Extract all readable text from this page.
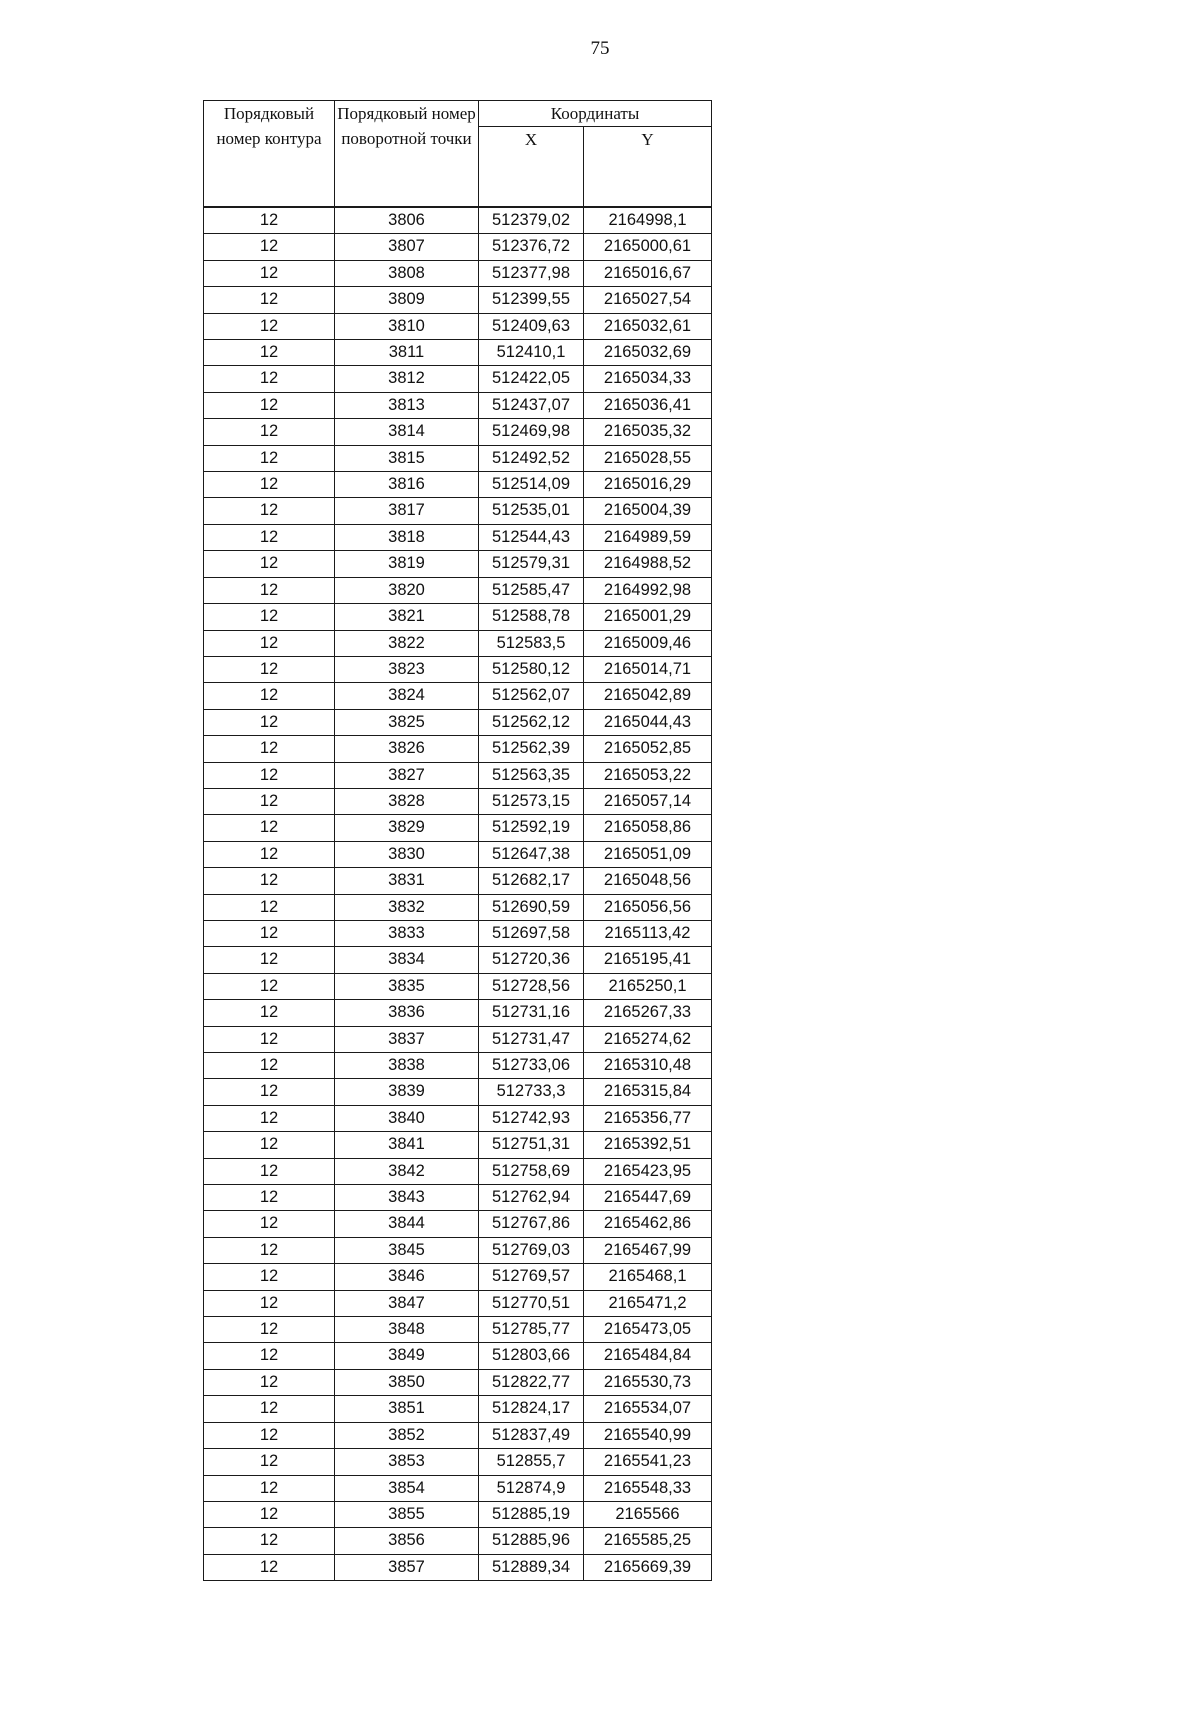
75
Порядковый номер контура	Порядковый номер поворотной точки	Координаты	
		X	Y
12	3806	512379,02	2164998,1
12	3807	512376,72	2165000,61
12	3808	512377,98	2165016,67
12	3809	512399,55	2165027,54
12	3810	512409,63	2165032,61
12	3811	512410,1	2165032,69
12	3812	512422,05	2165034,33
12	3813	512437,07	2165036,41
12	3814	512469,98	2165035,32
12	3815	512492,52	2165028,55
12	3816	512514,09	2165016,29
12	3817	512535,01	2165004,39
12	3818	512544,43	2164989,59
12	3819	512579,31	2164988,52
12	3820	512585,47	2164992,98
12	3821	512588,78	2165001,29
12	3822	512583,5	2165009,46
12	3823	512580,12	2165014,71
12	3824	512562,07	2165042,89
12	3825	512562,12	2165044,43
12	3826	512562,39	2165052,85
12	3827	512563,35	2165053,22
12	3828	512573,15	2165057,14
12	3829	512592,19	2165058,86
12	3830	512647,38	2165051,09
12	3831	512682,17	2165048,56
12	3832	512690,59	2165056,56
12	3833	512697,58	2165113,42
12	3834	512720,36	2165195,41
12	3835	512728,56	2165250,1
12	3836	512731,16	2165267,33
12	3837	512731,47	2165274,62
12	3838	512733,06	2165310,48
12	3839	512733,3	2165315,84
12	3840	512742,93	2165356,77
12	3841	512751,31	2165392,51
12	3842	512758,69	2165423,95
12	3843	512762,94	2165447,69
12	3844	512767,86	2165462,86
12	3845	512769,03	2165467,99
12	3846	512769,57	2165468,1
12	3847	512770,51	2165471,2
12	3848	512785,77	2165473,05
12	3849	512803,66	2165484,84
12	3850	512822,77	2165530,73
12	3851	512824,17	2165534,07
12	3852	512837,49	2165540,99
12	3853	512855,7	2165541,23
12	3854	512874,9	2165548,33
12	3855	512885,19	2165566
12	3856	512885,96	2165585,25
12	3857	512889,34	2165669,39
